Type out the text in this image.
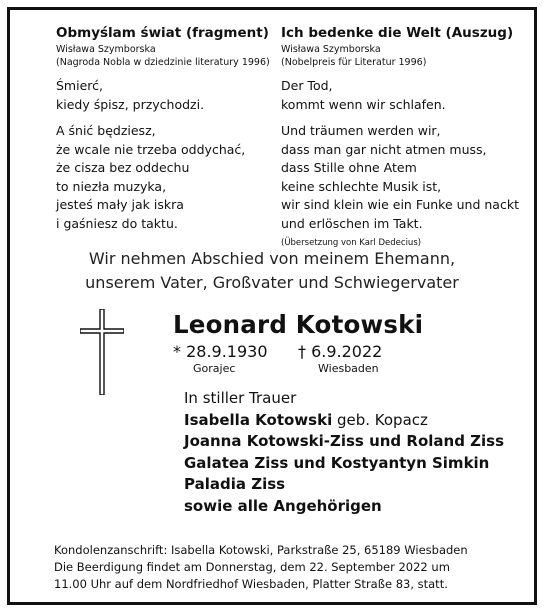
Obmyślam świat (fragment)
Wisława Szymborska
(Nagroda Nobla w dziedzinie literatury 1996)
Śmierć,
kiedy śpisz, przychodzi.
A śnić będziesz,
że wcale nie trzeba oddychać,
że cisza bez oddechu
to niezła muzyka,
jesteś mały jak iskra
i gaśniesz do taktu.
Ich bedenke die Welt (Auszug)
Wisława Szymborska
(Nobelpreis für Literatur 1996)
Der Tod,
kommt wenn wir schlafen.
Und träumen werden wir,
dass man gar nicht atmen muss,
dass Stille ohne Atem
keine schlechte Musik ist,
wir sind klein wie ein Funke und nackt
und erlöschen im Takt.
(Übersetzung von Karl Dedecius)
Wir nehmen Abschied von meinem Ehemann,
unserem Vater, Großvater und Schwiegervater
Leonard Kotowski
* 28.9.1930
Gorajec
† 6.9.2022
Wiesbaden
In stiller Trauer
Isabella Kotowski geb. Kopacz
Joanna Kotowski-Ziss und Roland Ziss
Galatea Ziss und Kostyantyn Simkin
Paladia Ziss
sowie alle Angehörigen
Kondolenzanschrift: Isabella Kotowski, Parkstraße 25, 65189 Wiesbaden
Die Beerdigung findet am Donnerstag, dem 22. September 2022 um
11.00 Uhr auf dem Nordfriedhof Wiesbaden, Platter Straße 83, statt.
